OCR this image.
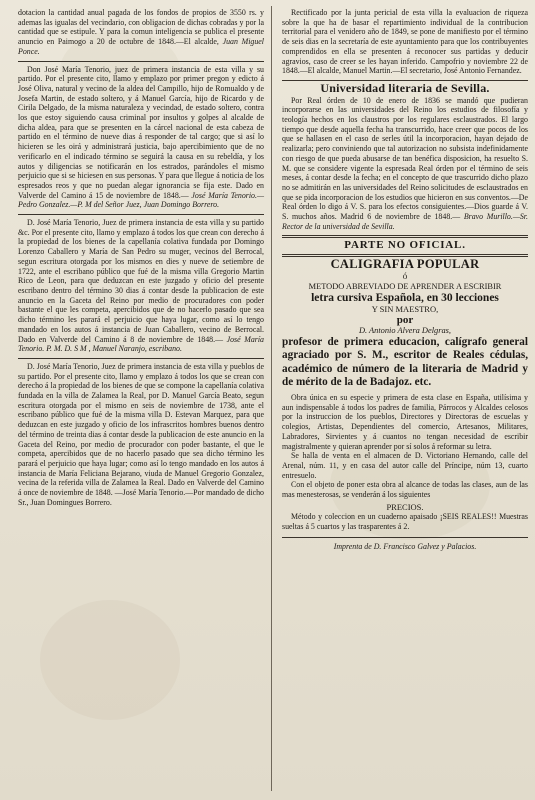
dotacion la cantidad anual pagada de los fondos de propios de 3550 rs. y ademas las igualas del vecindario, con obligacion de dichas cobradas y por la cantidad que se estipule. Y para la comun inteligencia se publica el presente anuncio en Paimogo a 20 de octubre de 1848.—El alcalde, Juan Miguel Ponce.

Don José María Tenorio, juez de primera instancia de esta villa y su partido. Por el presente cito, llamo y emplazo por primer pregon y edicto á José Oliva, natural y vecino de la aldea del Campillo, hijo de Romualdo y de Josefa Martin, de estado soltero, y á Manuel García, hijo de Ricardo y de Cirila Delgado, de la misma naturaleza y vecindad, de estado soltero, contra los que estoy siguiendo causa criminal por insultos y golpes al alcalde de dicha aldea, para que se presenten en la cárcel nacional de esta cabeza de partido en el término de nueve dias á responder de tal cargo; que si así lo hicieren se les oirá y administrará justicia, bajo apercibimiento que de no verificarlo en el indicado término se seguirá la causa en su rebeldía, y los autos y diligencias se notificarán en los estrados, parándoles el mismo perjuicio que si se hiciesen en sus personas. Y para que llegue á noticia de los espresados reos y que no puedan alegar ignorancia se fija este. Dado en Valverde del Camino á 15 de noviembre de 1848.— José María Tenorio.—Pedro Gonzalez.—P. M del Señor Juez, Juan Domingo Borrero.

D. José María Tenorio, Juez de primera instancia de esta villa y su partido &c. Por el presente cito, llamo y emplazo á todos los que crean con derecho á la propiedad de los bienes de la capellanía colativa fundada por Domingo Lorenzo Caballero y María de San Pedro su muger, vecinos del Berrocal, segun escritura otorgada por los mismos en dies y nueve de setiembre de 1722, ante el escribano público que fué de la misma villa Gregorio Martin Rico de Leon, para que deduzcan en este juzgado y oficio del presente escribano dentro del término 30 dias á contar desde la publicacion de este anuncio en la Gaceta del Reino por medio de procuradores con poder bastante el que les competa, apercibidos que de no hacerlo pasado que sea dicho término les parará el perjuicio que haya lugar, como así lo tengo mandado en los autos á instancia de Juan Caballero, vecino de Berrocal. Dado en Valverde del Camino á 8 de noviembre de 1848.— José María Tenorio. P. M. D. S M , Manuel Naranjo, escribano.

D. José María Tenorio, Juez de primera instancia de esta villa y pueblos de su partido. Por el presente cito, llamo y emplazo á todos los que se crean con derecho á la propiedad de los bienes de que se compone la capellanía colativa fundada en la villa de Zalamea la Real, por D. Manuel García Beato, segun escritura otorgada por el mismo en seis de noviembre de 1738, ante el escribano público que fué de la misma villa D. Estevan Marquez, para que deduzcan en este juzgado y oficio de los infrascritos hombres buenos dentro del término de treinta dias á contar desde la publicacion de este anuncio en la Gaceta del Reino, por medio de procurador con poder bastante, el que le competa, apercibidos que de no hacerlo pasado que sea dicho término les parará el perjuicio que haya lugar; como así lo tengo mandado en los autos á instancia de María Feliciana Bejarano, viuda de Manuel Gregorio Gonzalez, vecina de la referida villa de Zalamea la Real. Dado en Valverde del Camino á once de noviembre de 1848. —José María Tenorio.—Por mandado de dicho Sr., Juan Domingues Borrero.

Rectificado por la junta pericial de esta villa la evaluacion de riqueza sobre la que ha de basar el repartimiento individual de la contribucion territorial para el venidero año de 1849, se pone de manifiesto por el término de seis dias en la secretaría de este ayuntamiento para que los contribuyentes comprendidos en ella se presenten á reconocer sus partidas y deducir agravios, caso de creer se les hayan inferido. Campofrio y noviembre 22 de 1848.—El alcalde, Manuel Martin.—El secretario, José Antonio Fernandez.

Universidad literaria de Sevilla.

Por Real órden de 10 de enero de 1836 se mandó que pudieran incorporarse en las universidades del Reino los estudios de filosofía y teología hechos en los claustros por los regulares esclaustrados. El largo tiempo que desde aquella fecha ha transcurrido, hace creer que pocos de los que se hallasen en el caso de serles útil la incorporacion, hayan dejado de realizarla; pero conviniendo que tal autorizacion no subsista indefinidamente con riesgo de que pueda abusarse de tan benéfica disposicion, ha resuelto S. M. que se considere vigente la espresada Real órden por el término de seis meses, á contar desde la fecha; en el concepto de que trascurrido dicho plazo no se admitirán en las universidades del Reino solicitudes de esclaustrados en que se pida incorporacion de los estudios que hicieron en sus conventos.—De Real órden lo digo á V. S. para los efectos consiguientes.—Dios guarde á V. S. muchos años. Madrid 6 de noviembre de 1848.— Bravo Murillo.—Sr. Rector de la universidad de Sevilla.

PARTE NO OFICIAL.
CALIGRAFIA POPULAR
ó
METODO ABREVIADO DE APRENDER A ESCRIBIR
letra cursiva Española, en 30 lecciones
Y SIN MAESTRO,
por
D. Antonio Alvera Delgras,

profesor de primera educacion, calígrafo general agraciado por S. M., escritor de Reales cédulas, académico de número de la literaria de Madrid y de mérito de la de Badajoz. etc.

Obra única en su especie y primera de esta clase en España, utilísima y aun indispensable á todos los padres de familia, Párrocos y Alcaldes celosos por la instruccion de los pueblos, Directores y Directoras de escuelas y colegios, Artistas, Dependientes del comercio, Artesanos, Militares, Labradores, Sirvientes y á cuantos no tengan necesidad de escribir magistralmente y quieran aprender por sí solos á reformar su letra.

Se halla de venta en el almacen de D. Victoriano Hernando, calle del Arenal, núm. 11, y en casa del autor calle del Príncipe, núm 13, cuarto entresuelo.

Con el objeto de poner esta obra al alcance de todas las clases, aun de las mas menesterosas, se venderán á los siguientes

PRECIOS.

Método y coleccion en un cuaderno apaisado ¡SEIS REALES!! Muestras sueltas á 5 cuartos y las trasparentes á 2.

Imprenta de D. Francisco Galvez y Palacios.
